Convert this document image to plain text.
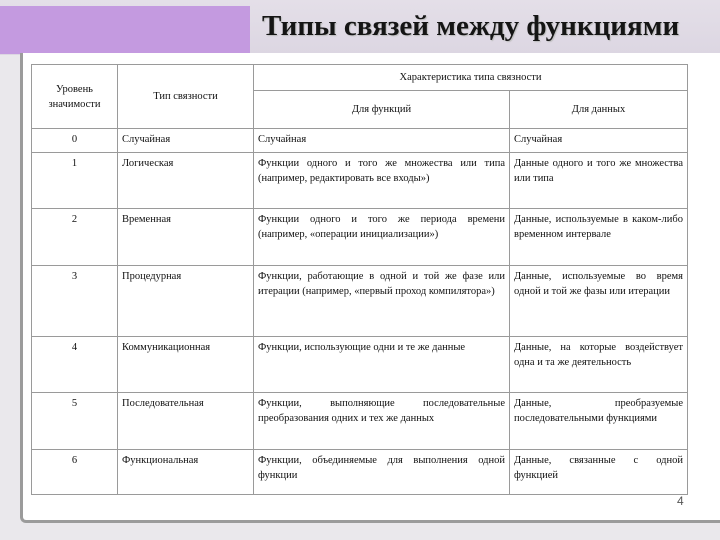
Типы связей между функциями
Уровень значимости	Тип связности	Характеристика типа связности	
		Для функций	Для данных
0	Случайная	Случайная	Случайная
1	Логическая	Функции одного и того же множества или типа (например, редактировать все входы»)	Данные одного и того же множества или типа
2	Временная	Функции одного и того же периода времени (например, «операции инициализации»)	Данные, используемые в каком-либо временном интервале
3	Процедурная	Функции, работающие в одной и той же фазе или итерации (например, «первый проход компилятора»)	Данные, используемые во время одной и той же фазы или итерации
4	Коммуникационная	Функции, использующие одни и те же данные	Данные, на которые воздействует одна и та же деятельность
5	Последовательная	Функции, выполняющие последовательные преобразования одних и тех же данных	Данные, преобразуемые последовательными функциями
6	Функциональная	Функции, объединяемые для выполнения одной функции	Данные, связанные с одной функцией
4
